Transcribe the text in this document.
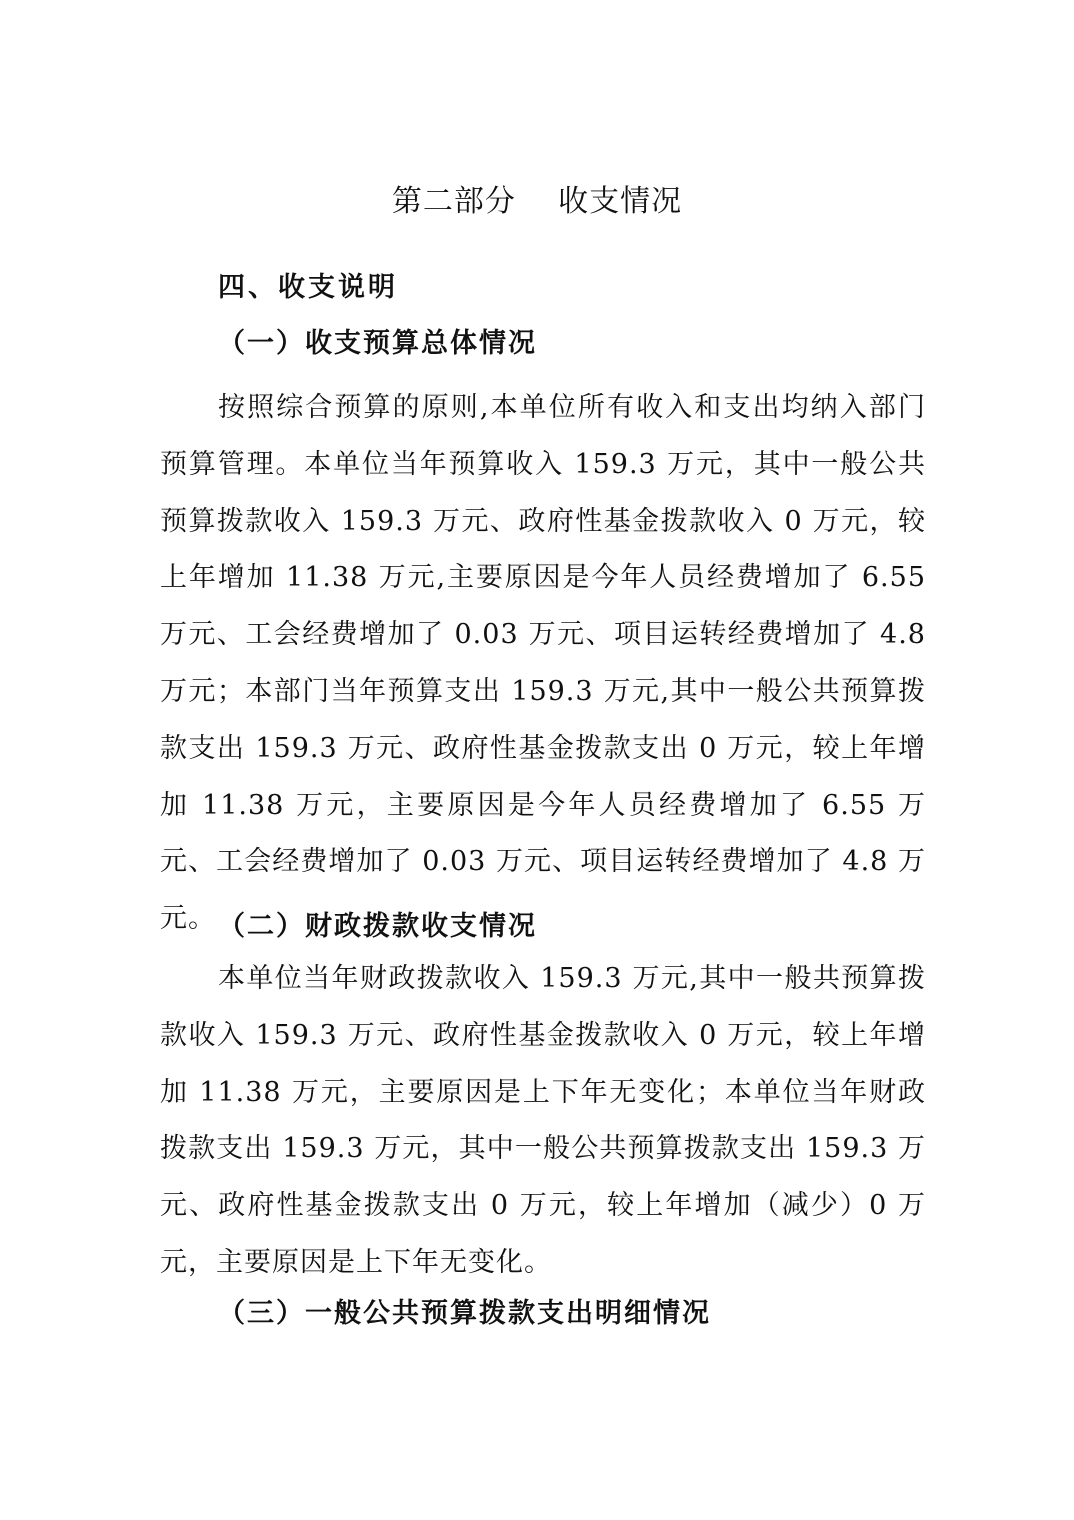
第二部分    收支情况
四、收支说明
（一）收支预算总体情况

按照综合预算的原则,本单位所有收入和支出均纳入部门预算管理。本单位当年预算收入 159.3 万元，其中一般公共预算拨款收入 159.3 万元、政府性基金拨款收入 0 万元，较上年增加 11.38 万元,主要原因是今年人员经费增加了 6.55 万元、工会经费增加了 0.03 万元、项目运转经费增加了 4.8 万元；本部门当年预算支出 159.3 万元,其中一般公共预算拨款支出 159.3 万元、政府性基金拨款支出 0 万元，较上年增加 11.38 万元，主要原因是今年人员经费增加了 6.55 万元、工会经费增加了 0.03 万元、项目运转经费增加了 4.8 万元。 （二）财政拨款收支情况

本单位当年财政拨款收入 159.3 万元,其中一般共预算拨款收入 159.3 万元、政府性基金拨款收入 0 万元，较上年增加 11.38 万元，主要原因是上下年无变化；本单位当年财政拨款支出 159.3 万元，其中一般公共预算拨款支出 159.3 万元、政府性基金拨款支出 0 万元，较上年增加（减少）0 万元，主要原因是上下年无变化。

（三）一般公共预算拨款支出明细情况
